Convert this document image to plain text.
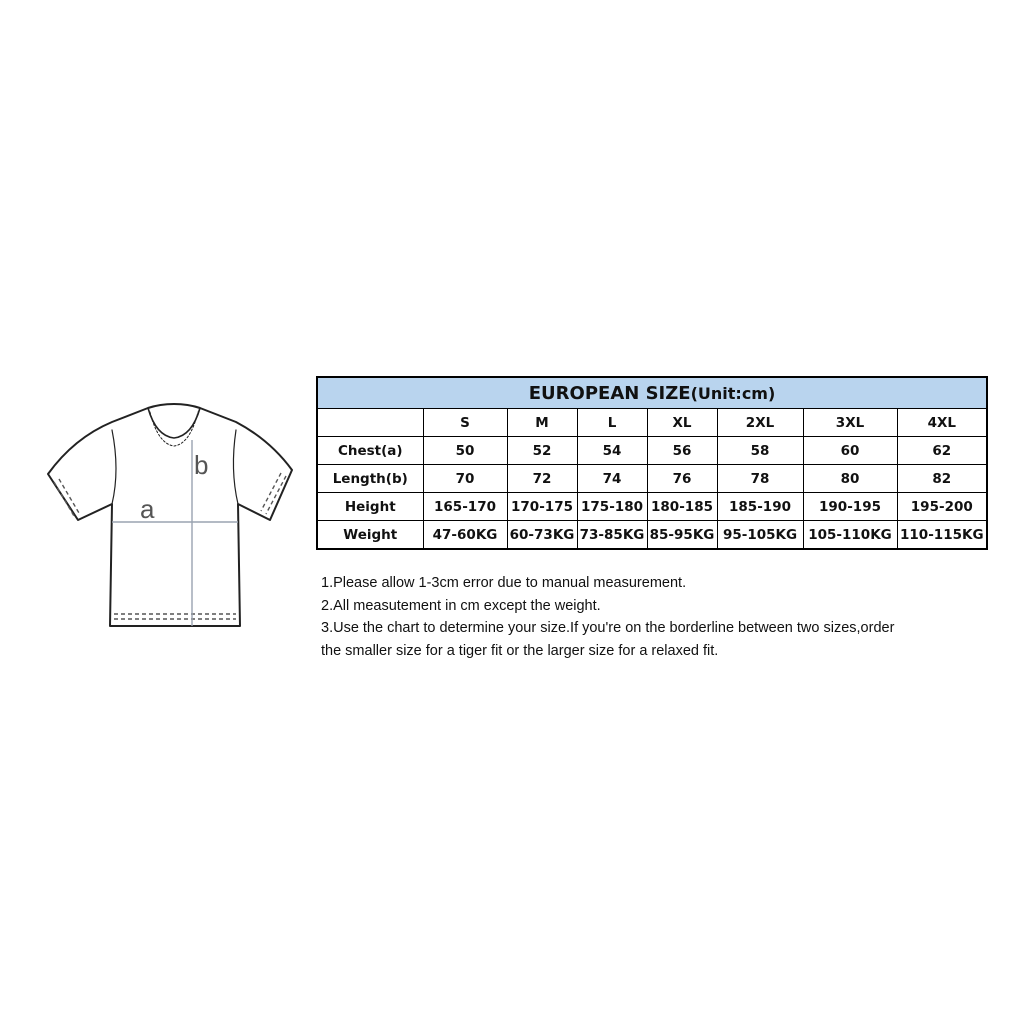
a
b
EUROPEAN SIZE(Unit:cm)							
	S	M	L	XL	2XL	3XL	4XL
Chest(a)	50	52	54	56	58	60	62
Length(b)	70	72	74	76	78	80	82
Height	165-170	170-175	175-180	180-185	185-190	190-195	195-200
Weight	47-60KG	60-73KG	73-85KG	85-95KG	95-105KG	105-110KG	110-115KG

1.Please allow 1-3cm error due to manual measurement.

2.All measutement in cm except the weight.

3.Use the chart to determine your size.If you're on the borderline between two sizes,order

the smaller size for a tiger fit or the larger size for a relaxed fit.
